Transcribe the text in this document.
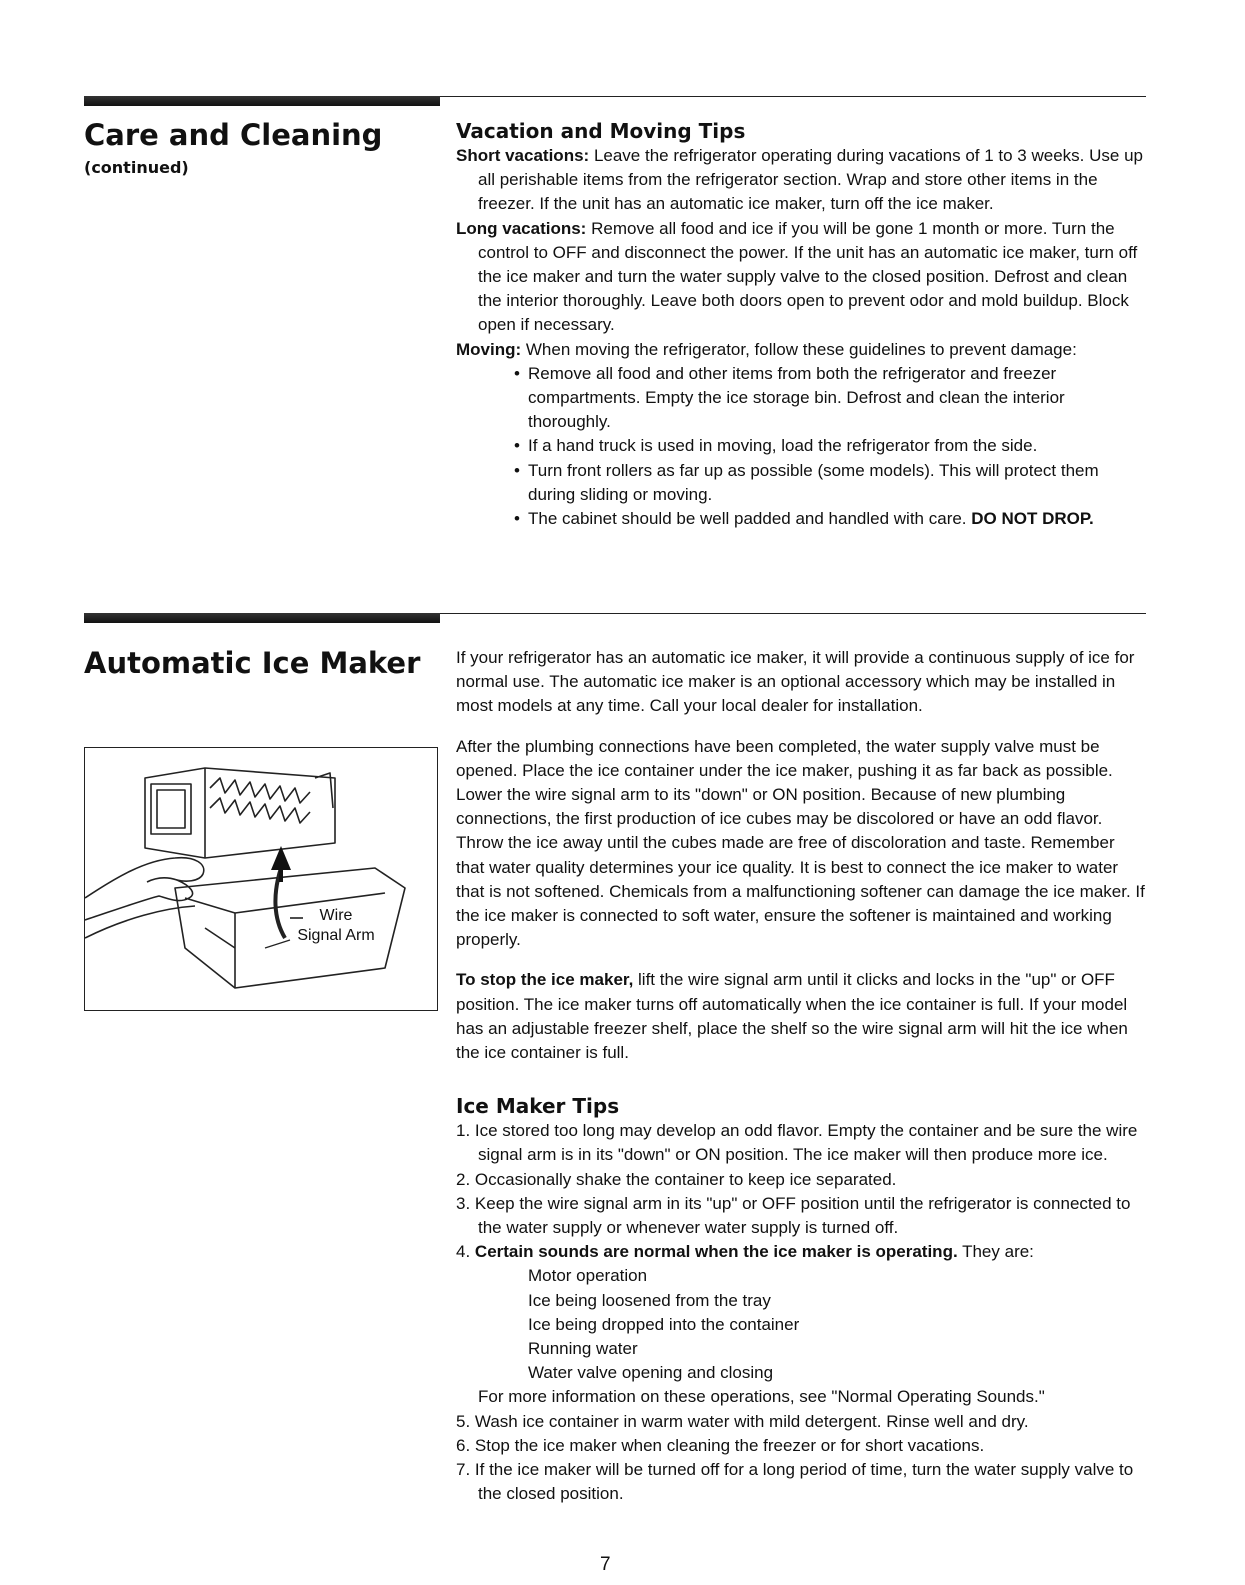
Care and Cleaning
(continued)

Vacation and Moving Tips

Short vacations: Leave the refrigerator operating during vacations of 1 to 3 weeks. Use up all perishable items from the refrigerator section. Wrap and store other items in the freezer. If the unit has an automatic ice maker, turn off the ice maker.

Long vacations: Remove all food and ice if you will be gone 1 month or more. Turn the control to OFF and disconnect the power. If the unit has an automatic ice maker, turn off the ice maker and turn the water supply valve to the closed position. Defrost and clean the interior thoroughly. Leave both doors open to prevent odor and mold buildup. Block open if necessary.

Moving: When moving the refrigerator, follow these guidelines to prevent damage:

• Remove all food and other items from both the refrigerator and freezer compartments. Empty the ice storage bin. Defrost and clean the interior thoroughly.
• If a hand truck is used in moving, load the refrigerator from the side.
• Turn front rollers as far up as possible (some models). This will protect them during sliding or moving.
• The cabinet should be well padded and handled with care. DO NOT DROP.
Automatic Ice Maker
Wire
Signal Arm

If your refrigerator has an automatic ice maker, it will provide a continuous supply of ice for normal use. The automatic ice maker is an optional accessory which may be installed in most models at any time. Call your local dealer for installation.

After the plumbing connections have been completed, the water supply valve must be opened. Place the ice container under the ice maker, pushing it as far back as possible. Lower the wire signal arm to its "down" or ON position. Because of new plumbing connections, the first production of ice cubes may be discolored or have an odd flavor. Throw the ice away until the cubes made are free of discoloration and taste. Remember that water quality determines your ice quality. It is best to connect the ice maker to water that is not softened. Chemicals from a malfunctioning softener can damage the ice maker. If the ice maker is connected to soft water, ensure the softener is maintained and working properly.

To stop the ice maker, lift the wire signal arm until it clicks and locks in the "up" or OFF position. The ice maker turns off automatically when the ice container is full. If your model has an adjustable freezer shelf, place the shelf so the wire signal arm will hit the ice when the ice container is full.

Ice Maker Tips

1. Ice stored too long may develop an odd flavor. Empty the container and be sure the wire signal arm is in its "down" or ON position. The ice maker will then produce more ice.
2. Occasionally shake the container to keep ice separated.
3. Keep the wire signal arm in its "up" or OFF position until the refrigerator is connected to the water supply or whenever water supply is turned off.
4. Certain sounds are normal when the ice maker is operating. They are:
Motor operation
Ice being loosened from the tray
Ice being dropped into the container
Running water
Water valve opening and closing

For more information on these operations, see "Normal Operating Sounds."

5. Wash ice container in warm water with mild detergent. Rinse well and dry.
6. Stop the ice maker when cleaning the freezer or for short vacations.
7. If the ice maker will be turned off for a long period of time, turn the water supply valve to the closed position.
7
